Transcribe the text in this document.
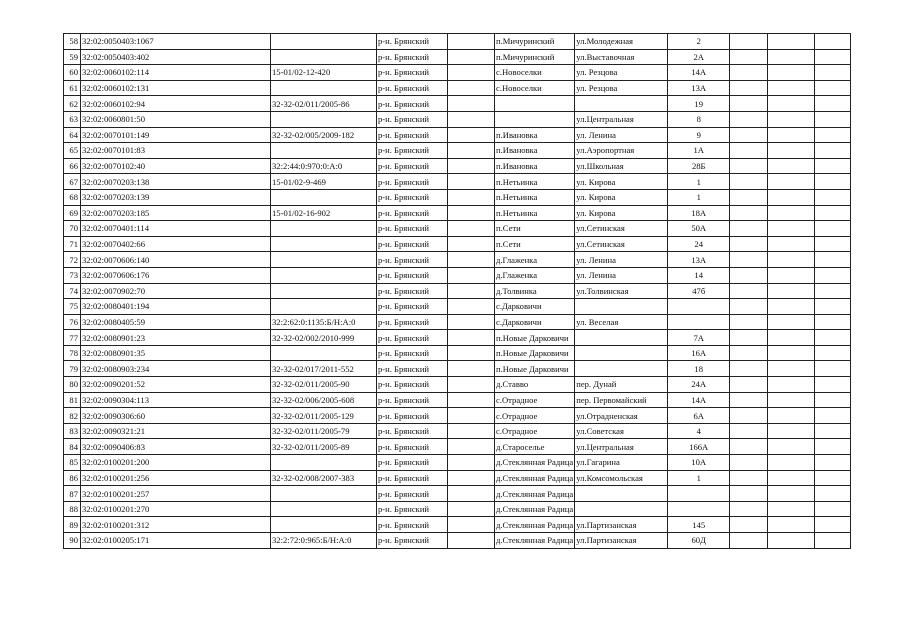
58	32:02:0050403:1067		р-н. Брянский		п.Мичуринский	ул.Молодежная	2			
59	32:02:0050403:402		р-н. Брянский		п.Мичуринский	ул.Выставочная	2А			
60	32:02:0060102:114	15-01/02-12-420	р-н. Брянский		с.Новоселки	ул. Резцова	14А			
61	32:02:0060102:131		р-н. Брянский		с.Новоселки	ул. Резцова	13А			
62	32:02:0060102:94	32-32-02/011/2005-86	р-н. Брянский				19			
63	32:02:0060801:50		р-н. Брянский			ул.Центральная	8			
64	32:02:0070101:149	32-32-02/005/2009-182	р-н. Брянский		п.Ивановка	ул. Ленина	9			
65	32:02:0070101:83		р-н. Брянский		п.Ивановка	ул.Аэропортная	1А			
66	32:02:0070102:40	32:2:44:0:970:0:А:0	р-н. Брянский		п.Ивановка	ул.Школьная	28Б			
67	32:02:0070203:138	15-01/02-9-469	р-н. Брянский		п.Нетьинка	ул. Кирова	1			
68	32:02:0070203:139		р-н. Брянский		п.Нетьинка	ул. Кирова	1			
69	32:02:0070203:185	15-01/02-16-902	р-н. Брянский		п.Нетьинка	ул. Кирова	18А			
70	32:02:0070401:114		р-н. Брянский		п.Сети	ул.Сетинская	50А			
71	32:02:0070402:66		р-н. Брянский		п.Сети	ул.Сетинская	24			
72	32:02:0070606:140		р-н. Брянский		д.Глаженка	ул. Ленина	13А			
73	32:02:0070606:176		р-н. Брянский		д.Глаженка	ул. Ленина	14			
74	32:02:0070902:70		р-н. Брянский		д.Толвинка	ул.Толвинская	47б			
75	32:02:0080401:194		р-н. Брянский		с.Дарковичи					
76	32:02:0080405:59	32:2:62:0:1135:Б/Н:А:0	р-н. Брянский		с.Дарковичи	ул. Веселая				
77	32:02:0080901:23	32-32-02/002/2010-999	р-н. Брянский		п.Новые Дарковичи		7А			
78	32:02:0080901:35		р-н. Брянский		п.Новые Дарковичи		16А			
79	32:02:0080903:234	32-32-02/017/2011-552	р-н. Брянский		п.Новые Дарковичи		18			
80	32:02:0090201:52	32-32-02/011/2005-90	р-н. Брянский		д.Ставво	пер. Дунай	24А			
81	32:02:0090304:113	32-32-02/006/2005-608	р-н. Брянский		с.Отрадное	пер. Первомайский	14А			
82	32:02:0090306:60	32-32-02/011/2005-129	р-н. Брянский		с.Отрадное	ул.Отрадненская	6А			
83	32:02:0090321:21	32-32-02/011/2005-79	р-н. Брянский		с.Отрадное	ул.Советская	4			
84	32:02:0090406:83	32-32-02/011/2005-89	р-н. Брянский		д.Староселье	ул.Центральная	166А			
85	32:02:0100201:200		р-н. Брянский		д.Стеклянная Радица	ул.Гагарина	10А			
86	32:02:0100201:256	32-32-02/008/2007-383	р-н. Брянский		д.Стеклянная Радица	ул.Комсомольская	1			
87	32:02:0100201:257		р-н. Брянский		д.Стеклянная Радица					
88	32:02:0100201:270		р-н. Брянский		д.Стеклянная Радица					
89	32:02:0100201:312		р-н. Брянский		д.Стеклянная Радица	ул.Партизанская	145			
90	32:02:0100205:171	32:2:72:0:965:Б/Н:А:0	р-н. Брянский		д.Стеклянная Радица	ул.Партизанская	60Д			
